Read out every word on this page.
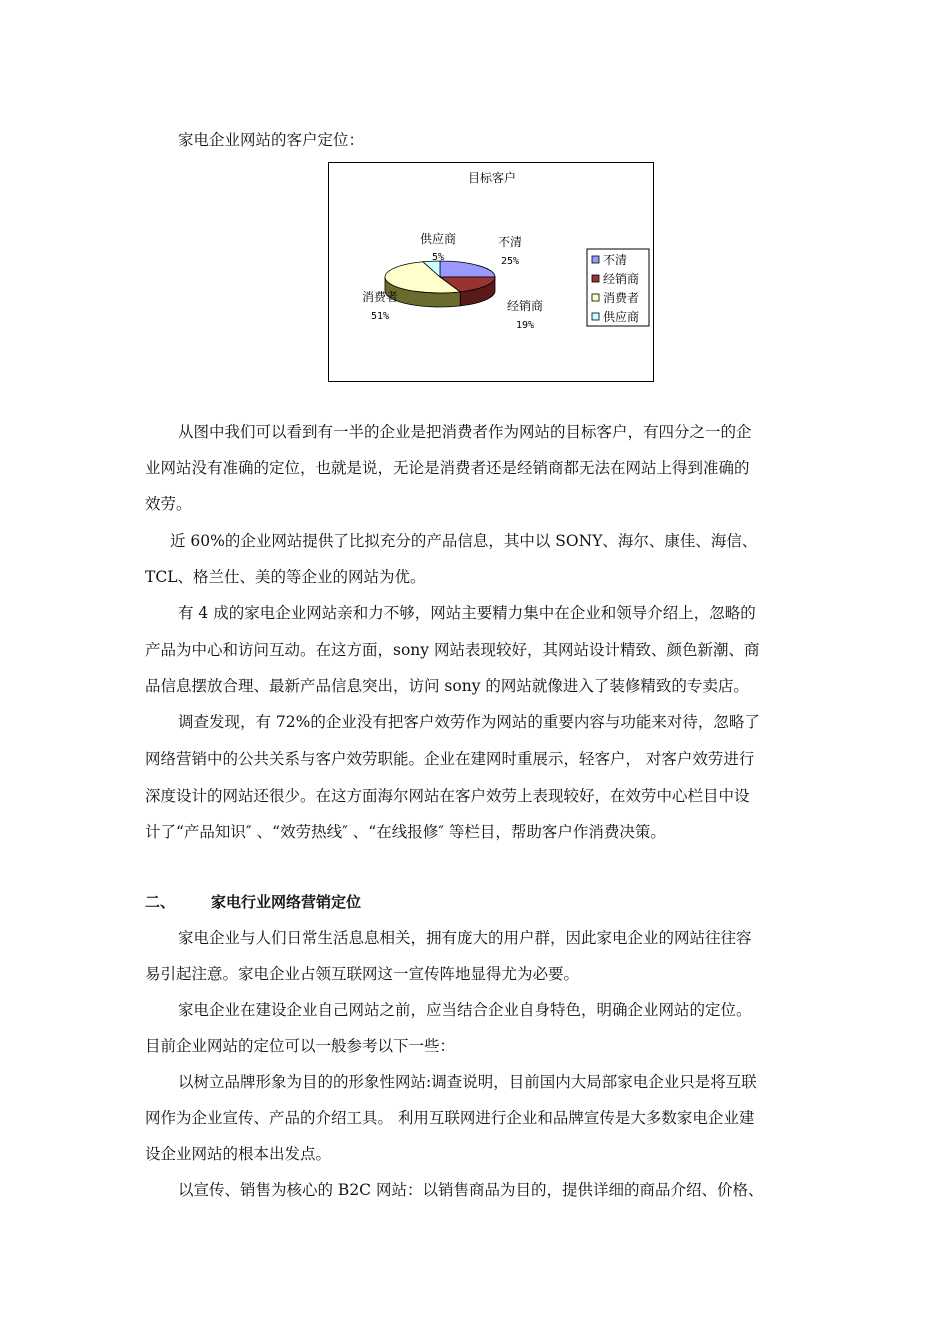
家电企业网站的客户定位：
从图中我们可以看到有一半的企业是把消费者作为网站的目标客户，有四分之一的企
业网站没有准确的定位，也就是说，无论是消费者还是经销商都无法在网站上得到准确的
效劳。
近 60%的企业网站提供了比拟充分的产品信息，其中以 SONY、海尔、康佳、海信、
TCL、格兰仕、美的等企业的网站为优。
有 4 成的家电企业网站亲和力不够，网站主要精力集中在企业和领导介绍上，忽略的
产品为中心和访问互动。在这方面，sony 网站表现较好，其网站设计精致、颜色新潮、商
品信息摆放合理、最新产品信息突出，访问 sony 的网站就像进入了装修精致的专卖店。
调查发现，有 72%的企业没有把客户效劳作为网站的重要内容与功能来对待，忽略了
网络营销中的公共关系与客户效劳职能。企业在建网时重展示，轻客户， 对客户效劳进行
深度设计的网站还很少。在这方面海尔网站在客户效劳上表现较好，在效劳中心栏目中设
计了“产品知识″ 、“效劳热线″ 、“在线报修″ 等栏目，帮助客户作消费决策。
家电企业与人们日常生活息息相关，拥有庞大的用户群，因此家电企业的网站往往容
易引起注意。家电企业占领互联网这一宣传阵地显得尤为必要。
家电企业在建设企业自己网站之前，应当结合企业自身特色，明确企业网站的定位。
目前企业网站的定位可以一般参考以下一些：
以树立品牌形象为目的的形象性网站:调查说明，目前国内大局部家电企业只是将互联
网作为企业宣传、产品的介绍工具。 利用互联网进行企业和品牌宣传是大多数家电企业建
设企业网站的根本出发点。
以宣传、销售为核心的 B2C 网站：以销售商品为目的，提供详细的商品介绍、价格、
二、 家电行业网络营销定位
目标客户
不清
25%
经销商
19%
消费者
51%
供应商
5%	不清
经销商
消费者
供应商
